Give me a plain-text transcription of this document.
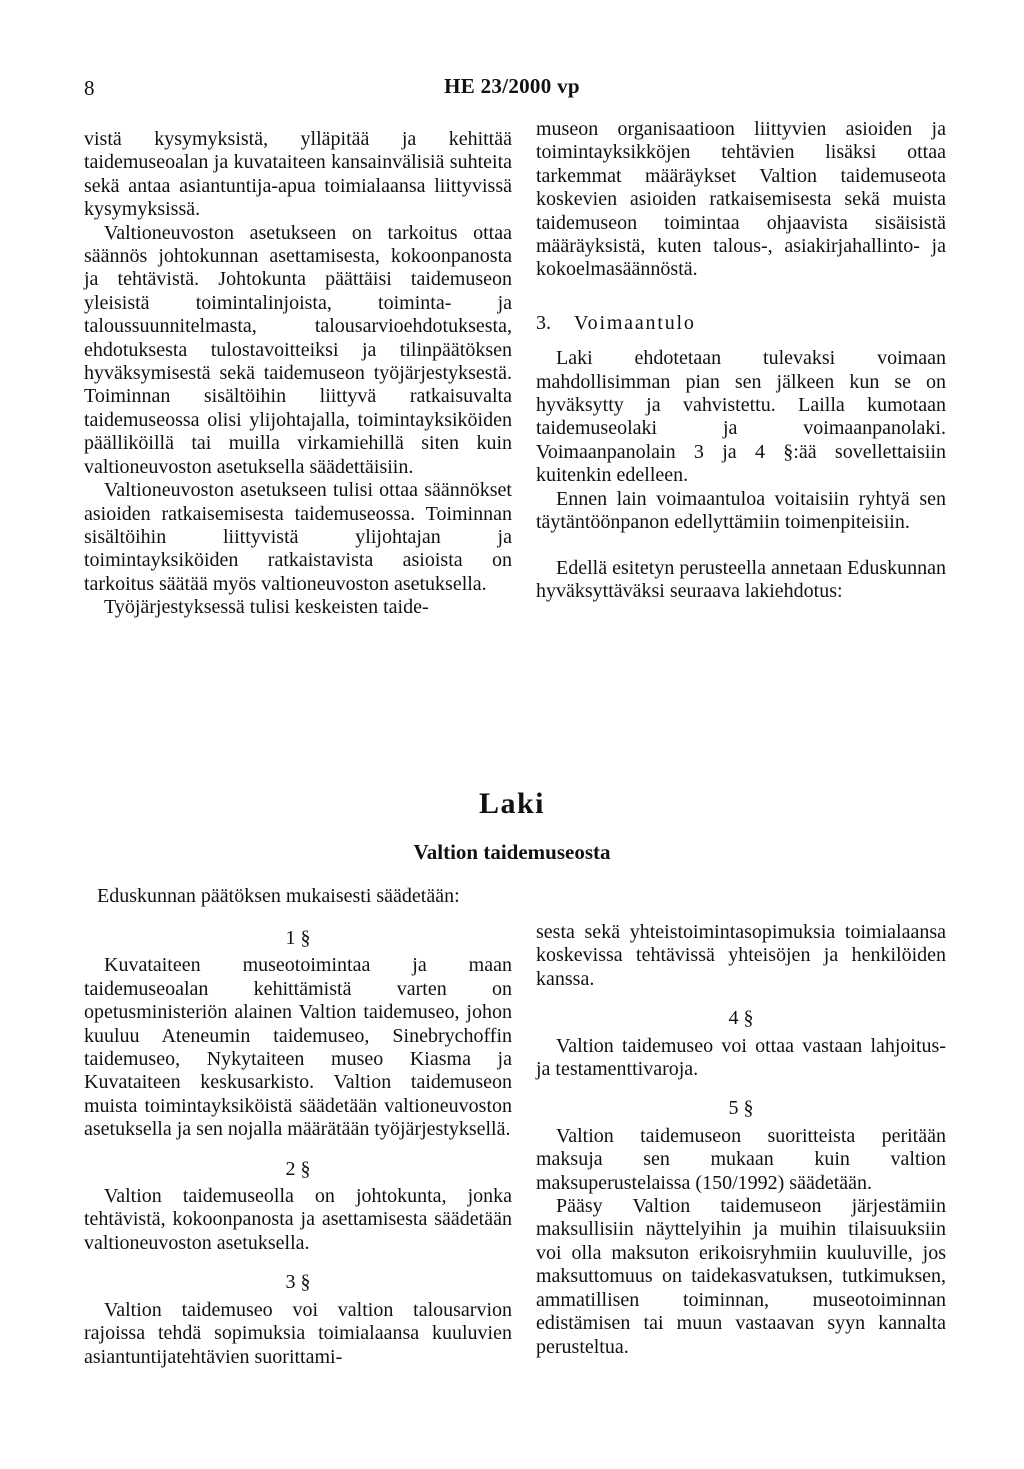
8	HE 23/2000 vp

vistä kysymyksistä, ylläpitää ja kehittää taidemuseoalan ja kuvataiteen kansainvälisiä suhteita sekä antaa asiantuntija-apua toimialaansa liittyvissä kysymyksissä.

Valtioneuvoston asetukseen on tarkoitus ottaa säännös johtokunnan asettamisesta, kokoonpanosta ja tehtävistä. Johtokunta päättäisi taidemuseon yleisistä toimintalinjoista, toiminta- ja taloussuunnitelmasta, talousarvioehdotuksesta, ehdotuksesta tulostavoitteiksi ja tilinpäätöksen hyväksymisestä sekä taidemuseon työjärjestyksestä. Toiminnan sisältöihin liittyvä ratkaisuvalta taidemuseossa olisi ylijohtajalla, toimintayksiköiden päälliköillä tai muilla virkamiehillä siten kuin valtioneuvoston asetuksella säädettäisiin.

Valtioneuvoston asetukseen tulisi ottaa säännökset asioiden ratkaisemisesta taidemuseossa. Toiminnan sisältöihin liittyvistä ylijohtajan ja toimintayksiköiden ratkaistavista asioista on tarkoitus säätää myös valtioneuvoston asetuksella.

Työjärjestyksessä tulisi keskeisten taide-

museon organisaatioon liittyvien asioiden ja toimintayksikköjen tehtävien lisäksi ottaa tarkemmat määräykset Valtion taidemuseota koskevien asioiden ratkaisemisesta sekä muista taidemuseon toimintaa ohjaavista sisäisistä määräyksistä, kuten talous-, asiakirjahallinto- ja kokoelmasäännöstä.

3. Voimaantulo

Laki ehdotetaan tulevaksi voimaan mahdollisimman pian sen jälkeen kun se on hyväksytty ja vahvistettu. Lailla kumotaan taidemuseolaki ja voimaanpanolaki. Voimaanpanolain 3 ja 4 §:ää sovellettaisiin kuitenkin edelleen.

Ennen lain voimaantuloa voitaisiin ryhtyä sen täytäntöönpanon edellyttämiin toimenpiteisiin.

Edellä esitetyn perusteella annetaan Eduskunnan hyväksyttäväksi seuraava lakiehdotus:

Laki
Valtion taidemuseosta
Eduskunnan päätöksen mukaisesti säädetään:

1 §

Kuvataiteen museotoimintaa ja maan taidemuseoalan kehittämistä varten on opetusministeriön alainen Valtion taidemuseo, johon kuuluu Ateneumin taidemuseo, Sinebrychoffin taidemuseo, Nykytaiteen museo Kiasma ja Kuvataiteen keskusarkisto. Valtion taidemuseon muista toimintayksiköistä säädetään valtioneuvoston asetuksella ja sen nojalla määrätään työjärjestyksellä.

2 §

Valtion taidemuseolla on johtokunta, jonka tehtävistä, kokoonpanosta ja asettamisesta säädetään valtioneuvoston asetuksella.

3 §

Valtion taidemuseo voi valtion talousarvion rajoissa tehdä sopimuksia toimialaansa kuuluvien asiantuntijatehtävien suorittami-

sesta sekä yhteistoimintasopimuksia toimialaansa koskevissa tehtävissä yhteisöjen ja henkilöiden kanssa.

4 §

Valtion taidemuseo voi ottaa vastaan lahjoitus- ja testamenttivaroja.

5 §

Valtion taidemuseon suoritteista peritään maksuja sen mukaan kuin valtion maksuperustelaissa (150/1992) säädetään.

Pääsy Valtion taidemuseon järjestämiin maksullisiin näyttelyihin ja muihin tilaisuuksiin voi olla maksuton erikoisryhmiin kuuluville, jos maksuttomuus on taidekasvatuksen, tutkimuksen, ammatillisen toiminnan, museotoiminnan edistämisen tai muun vastaavan syyn kannalta perusteltua.
